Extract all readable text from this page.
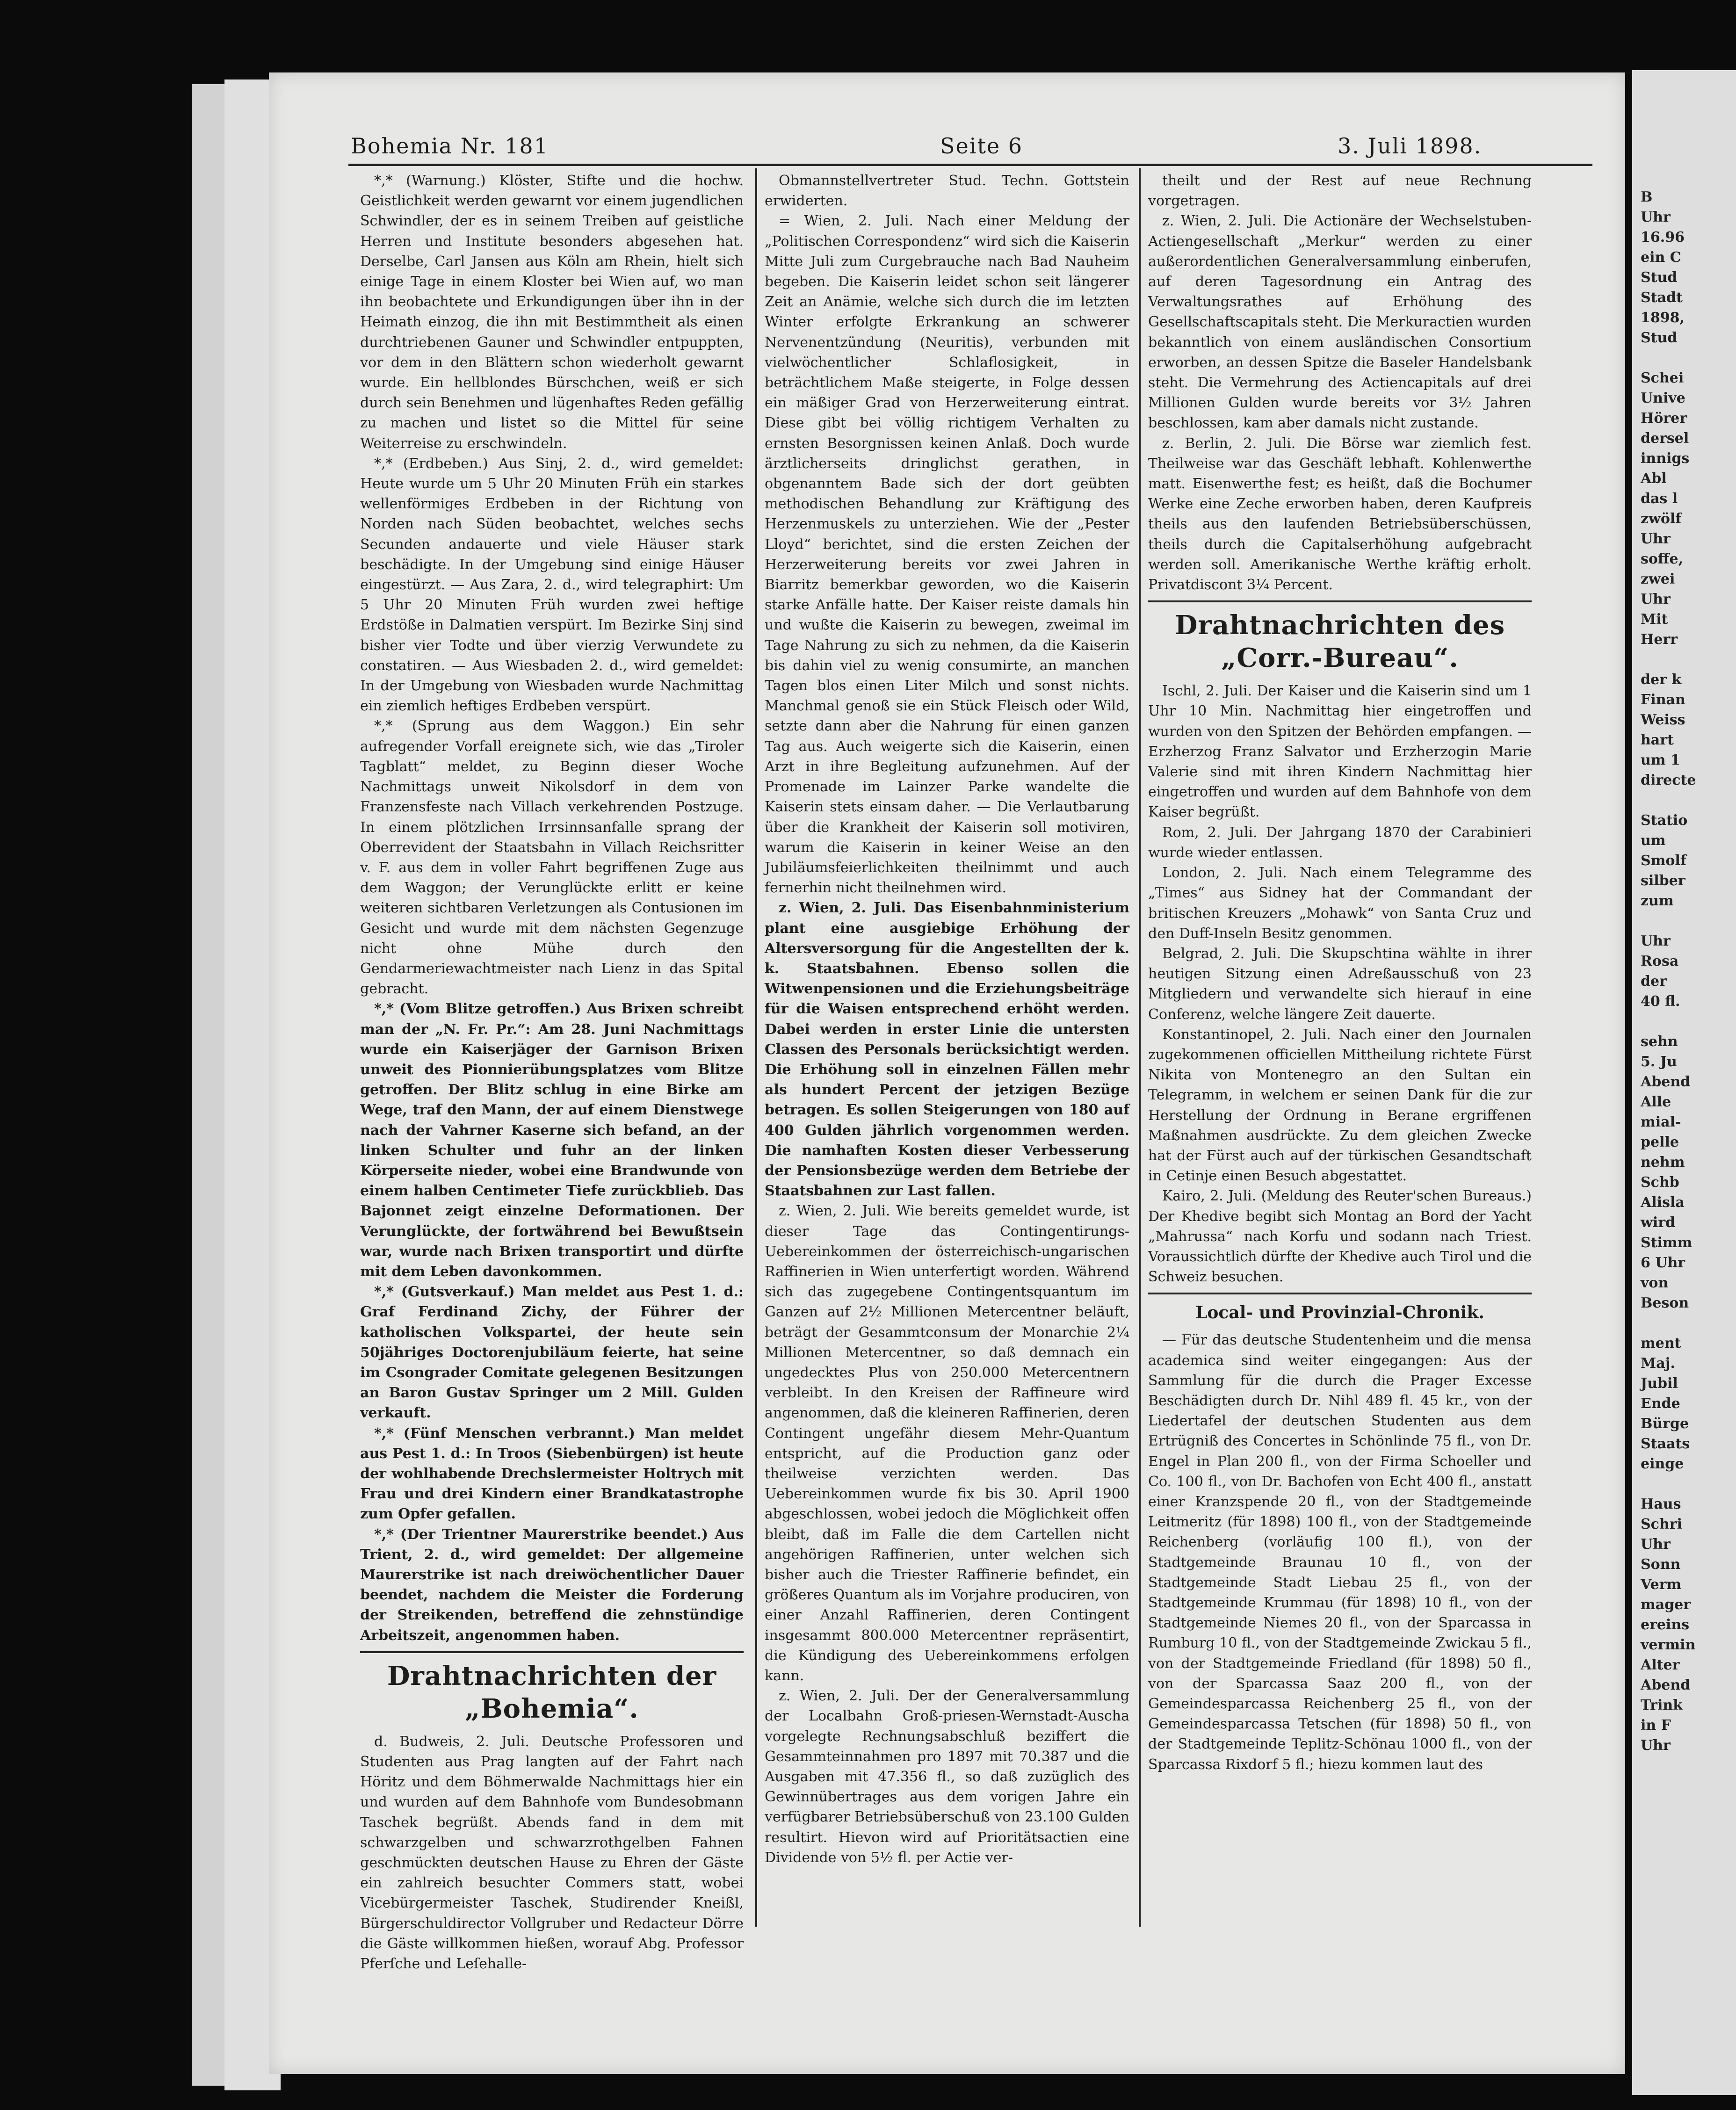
Bohemia Nr. 181	Seite 6	3. Juli 1898.

*,* (Warnung.) Klöster, Stifte und die hochw. Geistlichkeit werden gewarnt vor einem jugendlichen Schwindler, der es in seinem Treiben auf geistliche Herren und Institute besonders abgesehen hat. Derselbe, Carl Jansen aus Köln am Rhein, hielt sich einige Tage in einem Kloster bei Wien auf, wo man ihn beobachtete und Erkundigungen über ihn in der Heimath einzog, die ihn mit Bestimmtheit als einen durchtriebenen Gauner und Schwindler entpuppten, vor dem in den Blättern schon wiederholt gewarnt wurde. Ein hellblondes Bürschchen, weiß er sich durch sein Benehmen und lügenhaftes Reden gefällig zu machen und listet so die Mittel für seine Weiterreise zu erschwindeln.

*,* (Erdbeben.) Aus Sinj, 2. d., wird gemeldet: Heute wurde um 5 Uhr 20 Minuten Früh ein starkes wellenförmiges Erdbeben in der Richtung von Norden nach Süden beobachtet, welches sechs Secunden andauerte und viele Häuser stark beschädigte. In der Umgebung sind einige Häuser eingestürzt. — Aus Zara, 2. d., wird telegraphirt: Um 5 Uhr 20 Minuten Früh wurden zwei heftige Erdstöße in Dalmatien verspürt. Im Bezirke Sinj sind bisher vier Todte und über vierzig Verwundete zu constatiren. — Aus Wiesbaden 2. d., wird gemeldet: In der Umgebung von Wiesbaden wurde Nachmittag ein ziemlich heftiges Erdbeben verspürt.

*,* (Sprung aus dem Waggon.) Ein sehr aufregender Vorfall ereignete sich, wie das „Tiroler Tagblatt“ meldet, zu Beginn dieser Woche Nachmittags unweit Nikolsdorf in dem von Franzensfeste nach Villach verkehrenden Postzuge. In einem plötzlichen Irrsinnsanfalle sprang der Oberrevident der Staatsbahn in Villach Reichsritter v. F. aus dem in voller Fahrt begriffenen Zuge aus dem Waggon; der Verunglückte erlitt er keine weiteren sichtbaren Verletzungen als Contusionen im Gesicht und wurde mit dem nächsten Gegenzuge nicht ohne Mühe durch den Gendarmeriewachtmeister nach Lienz in das Spital gebracht.

*,* (Vom Blitze getroffen.) Aus Brixen schreibt man der „N. Fr. Pr.“: Am 28. Juni Nachmittags wurde ein Kaiserjäger der Garnison Brixen unweit des Pionnierübungsplatzes vom Blitze getroffen. Der Blitz schlug in eine Birke am Wege, traf den Mann, der auf einem Dienstwege nach der Vahrner Kaserne sich befand, an der linken Schulter und fuhr an der linken Körperseite nieder, wobei eine Brandwunde von einem halben Centimeter Tiefe zurückblieb. Das Bajonnet zeigt einzelne Deformationen. Der Verunglückte, der fortwährend bei Bewußtsein war, wurde nach Brixen transportirt und dürfte mit dem Leben davonkommen.

*,* (Gutsverkauf.) Man meldet aus Pest 1. d.: Graf Ferdinand Zichy, der Führer der katholischen Volkspartei, der heute sein 50jähriges Doctorenjubiläum feierte, hat seine im Csongrader Comitate gelegenen Besitzungen an Baron Gustav Springer um 2 Mill. Gulden verkauft.

*,* (Fünf Menschen verbrannt.) Man meldet aus Pest 1. d.: In Troos (Siebenbürgen) ist heute der wohlhabende Drechslermeister Holtrych mit Frau und drei Kindern einer Brandkatastrophe zum Opfer gefallen.

*,* (Der Trientner Maurerstrike beendet.) Aus Trient, 2. d., wird gemeldet: Der allgemeine Maurerstrike ist nach dreiwöchentlicher Dauer beendet, nachdem die Meister die Forderung der Streikenden, betreffend die zehnstündige Arbeitszeit, angenommen haben.

Drahtnachrichten der „Bohemia“.

d. Budweis, 2. Juli. Deutsche Professoren und Studenten aus Prag langten auf der Fahrt nach Höritz und dem Böhmerwalde Nachmittags hier ein und wurden auf dem Bahnhofe vom Bundesobmann Taschek begrüßt. Abends fand in dem mit schwarzgelben und schwarzrothgelben Fahnen geschmückten deutschen Hause zu Ehren der Gäste ein zahlreich besuchter Commers statt, wobei Vicebürgermeister Taschek, Studirender Kneißl, Bürgerschuldirector Vollgruber und Redacteur Dörre die Gäste willkommen hießen, worauf Abg. Professor Pferſche und Leſehalle-

Obmannstellvertreter Stud. Techn. Gottstein erwiderten.

= Wien, 2. Juli. Nach einer Meldung der „Politischen Correspondenz“ wird sich die Kaiserin Mitte Juli zum Curgebrauche nach Bad Nauheim begeben. Die Kaiserin leidet schon seit längerer Zeit an Anämie, welche sich durch die im letzten Winter erfolgte Erkrankung an schwerer Nervenentzündung (Neuritis), verbunden mit vielwöchentlicher Schlaflosigkeit, in beträchtlichem Maße steigerte, in Folge dessen ein mäßiger Grad von Herzerweiterung eintrat. Diese gibt bei völlig richtigem Verhalten zu ernsten Besorgnissen keinen Anlaß. Doch wurde ärztlicherseits dringlichst gerathen, in obgenanntem Bade sich der dort geübten methodischen Behandlung zur Kräftigung des Herzenmuskels zu unterziehen. Wie der „Pester Lloyd“ berichtet, sind die ersten Zeichen der Herzerweiterung bereits vor zwei Jahren in Biarritz bemerkbar geworden, wo die Kaiserin starke Anfälle hatte. Der Kaiser reiste damals hin und wußte die Kaiserin zu bewegen, zweimal im Tage Nahrung zu sich zu nehmen, da die Kaiserin bis dahin viel zu wenig consumirte, an manchen Tagen blos einen Liter Milch und sonst nichts. Manchmal genoß sie ein Stück Fleisch oder Wild, setzte dann aber die Nahrung für einen ganzen Tag aus. Auch weigerte sich die Kaiserin, einen Arzt in ihre Begleitung aufzunehmen. Auf der Promenade im Lainzer Parke wandelte die Kaiserin stets einsam daher. — Die Verlautbarung über die Krankheit der Kaiserin soll motiviren, warum die Kaiserin in keiner Weise an den Jubiläumsfeierlichkeiten theilnimmt und auch fernerhin nicht theilnehmen wird.

z. Wien, 2. Juli. Das Eisenbahnministerium plant eine ausgiebige Erhöhung der Altersversorgung für die Angestellten der k. k. Staatsbahnen. Ebenso sollen die Witwenpensionen und die Erziehungsbeiträge für die Waisen entsprechend erhöht werden. Dabei werden in erster Linie die untersten Classen des Personals berücksichtigt werden. Die Erhöhung soll in einzelnen Fällen mehr als hundert Percent der jetzigen Bezüge betragen. Es sollen Steigerungen von 180 auf 400 Gulden jährlich vorgenommen werden. Die namhaften Kosten dieser Verbesserung der Pensionsbezüge werden dem Betriebe der Staatsbahnen zur Last fallen.

z. Wien, 2. Juli. Wie bereits gemeldet wurde, ist dieser Tage das Contingentirungs-Uebereinkommen der österreichisch-ungarischen Raffinerien in Wien unterfertigt worden. Während sich das zugegebene Contingentsquantum im Ganzen auf 2½ Millionen Metercentner beläuft, beträgt der Gesammtconsum der Monarchie 2¼ Millionen Metercentner, so daß demnach ein ungedecktes Plus von 250.000 Metercentnern verbleibt. In den Kreisen der Raffineure wird angenommen, daß die kleineren Raffinerien, deren Contingent ungefähr diesem Mehr-Quantum entspricht, auf die Production ganz oder theilweise verzichten werden. Das Uebereinkommen wurde fix bis 30. April 1900 abgeschlossen, wobei jedoch die Möglichkeit offen bleibt, daß im Falle die dem Cartellen nicht angehörigen Raffinerien, unter welchen sich bisher auch die Triester Raffinerie befindet, ein größeres Quantum als im Vorjahre produciren, von einer Anzahl Raffinerien, deren Contingent insgesammt 800.000 Metercentner repräsentirt, die Kündigung des Uebereinkommens erfolgen kann.

z. Wien, 2. Juli. Der der Generalversammlung der Localbahn Groß-priesen-Wernstadt-Auscha vorgelegte Rechnungsabschluß beziffert die Gesammteinnahmen pro 1897 mit 70.387 und die Ausgaben mit 47.356 fl., so daß zuzüglich des Gewinnübertrages aus dem vorigen Jahre ein verfügbarer Betriebsüberschuß von 23.100 Gulden resultirt. Hievon wird auf Prioritätsactien eine Dividende von 5½ fl. per Actie ver-

theilt und der Rest auf neue Rechnung vorgetragen.

z. Wien, 2. Juli. Die Actionäre der Wechselstuben-Actiengesellschaft „Merkur“ werden zu einer außerordentlichen Generalversammlung einberufen, auf deren Tagesordnung ein Antrag des Verwaltungsrathes auf Erhöhung des Gesellschaftscapitals steht. Die Merkuractien wurden bekanntlich von einem ausländischen Consortium erworben, an dessen Spitze die Baseler Handelsbank steht. Die Vermehrung des Actiencapitals auf drei Millionen Gulden wurde bereits vor 3½ Jahren beschlossen, kam aber damals nicht zustande.

z. Berlin, 2. Juli. Die Börse war ziemlich fest. Theilweise war das Geschäft lebhaft. Kohlenwerthe matt. Eisenwerthe fest; es heißt, daß die Bochumer Werke eine Zeche erworben haben, deren Kaufpreis theils aus den laufenden Betriebsüberschüssen, theils durch die Capitalserhöhung aufgebracht werden soll. Amerikanische Werthe kräftig erholt. Privatdiscont 3¼ Percent.

Drahtnachrichten des „Corr.-Bureau“.

Ischl, 2. Juli. Der Kaiser und die Kaiserin sind um 1 Uhr 10 Min. Nachmittag hier eingetroffen und wurden von den Spitzen der Behörden empfangen. — Erzherzog Franz Salvator und Erzherzogin Marie Valerie sind mit ihren Kindern Nachmittag hier eingetroffen und wurden auf dem Bahnhofe von dem Kaiser begrüßt.

Rom, 2. Juli. Der Jahrgang 1870 der Carabinieri wurde wieder entlassen.

London, 2. Juli. Nach einem Telegramme des „Times“ aus Sidney hat der Commandant der britischen Kreuzers „Mohawk“ von Santa Cruz und den Duff-Inseln Besitz genommen.

Belgrad, 2. Juli. Die Skupschtina wählte in ihrer heutigen Sitzung einen Adreßausschuß von 23 Mitgliedern und verwandelte sich hierauf in eine Conferenz, welche längere Zeit dauerte.

Konstantinopel, 2. Juli. Nach einer den Journalen zugekommenen officiellen Mittheilung richtete Fürst Nikita von Montenegro an den Sultan ein Telegramm, in welchem er seinen Dank für die zur Herstellung der Ordnung in Berane ergriffenen Maßnahmen ausdrückte. Zu dem gleichen Zwecke hat der Fürst auch auf der türkischen Gesandtschaft in Cetinje einen Besuch abgestattet.

Kairo, 2. Juli. (Meldung des Reuter'schen Bureaus.) Der Khedive begibt sich Montag an Bord der Yacht „Mahrussa“ nach Korfu und sodann nach Triest. Voraussichtlich dürfte der Khedive auch Tirol und die Schweiz besuchen.

Local- und Provinzial-Chronik.

— Für das deutsche Studentenheim und die mensa academica sind weiter eingegangen: Aus der Sammlung für die durch die Prager Excesse Beschädigten durch Dr. Nihl 489 fl. 45 kr., von der Liedertafel der deutschen Studenten aus dem Ertrügniß des Concertes in Schönlinde 75 fl., von Dr. Engel in Plan 200 fl., von der Firma Schoeller und Co. 100 fl., von Dr. Bachofen von Echt 400 fl., anstatt einer Kranzspende 20 fl., von der Stadtgemeinde Leitmeritz (für 1898) 100 fl., von der Stadtgemeinde Reichenberg (vorläufig 100 fl.), von der Stadtgemeinde Braunau 10 fl., von der Stadtgemeinde Stadt Liebau 25 fl., von der Stadtgemeinde Krummau (für 1898) 10 fl., von der Stadtgemeinde Niemes 20 fl., von der Sparcassa in Rumburg 10 fl., von der Stadtgemeinde Zwickau 5 fl., von der Stadtgemeinde Friedland (für 1898) 50 fl., von der Sparcassa Saaz 200 fl., von der Gemeindesparcassa Reichenberg 25 fl., von der Gemeindesparcassa Tetschen (für 1898) 50 fl., von der Stadtgemeinde Teplitz-Schönau 1000 fl., von der Sparcassa Rixdorf 5 fl.; hiezu kommen laut des

B
Uhr
16.96
ein C
Stud
Stadt
1898,
Stud

Schei
Unive
Hörer
dersel
innigs
Abl
das l
zwölf
Uhr
soffe,
zwei
Uhr
Mit
Herr

der k
Finan
Weiss
hart
um 1
directe

Statio
um
Smolf
silber
zum

Uhr
Rosa
der
40 fl.

sehn
5. Ju
Abend
Alle
mial-
pelle
nehm
Schb
Alisla
wird
Stimm
6 Uhr
von
Beson

ment
Maj.
Jubil
Ende
Bürge
Staats
einge

Haus
Schri
Uhr
Sonn
Verm
mager
ereins
vermin
Alter
Abend
Trink
in F
Uhr
